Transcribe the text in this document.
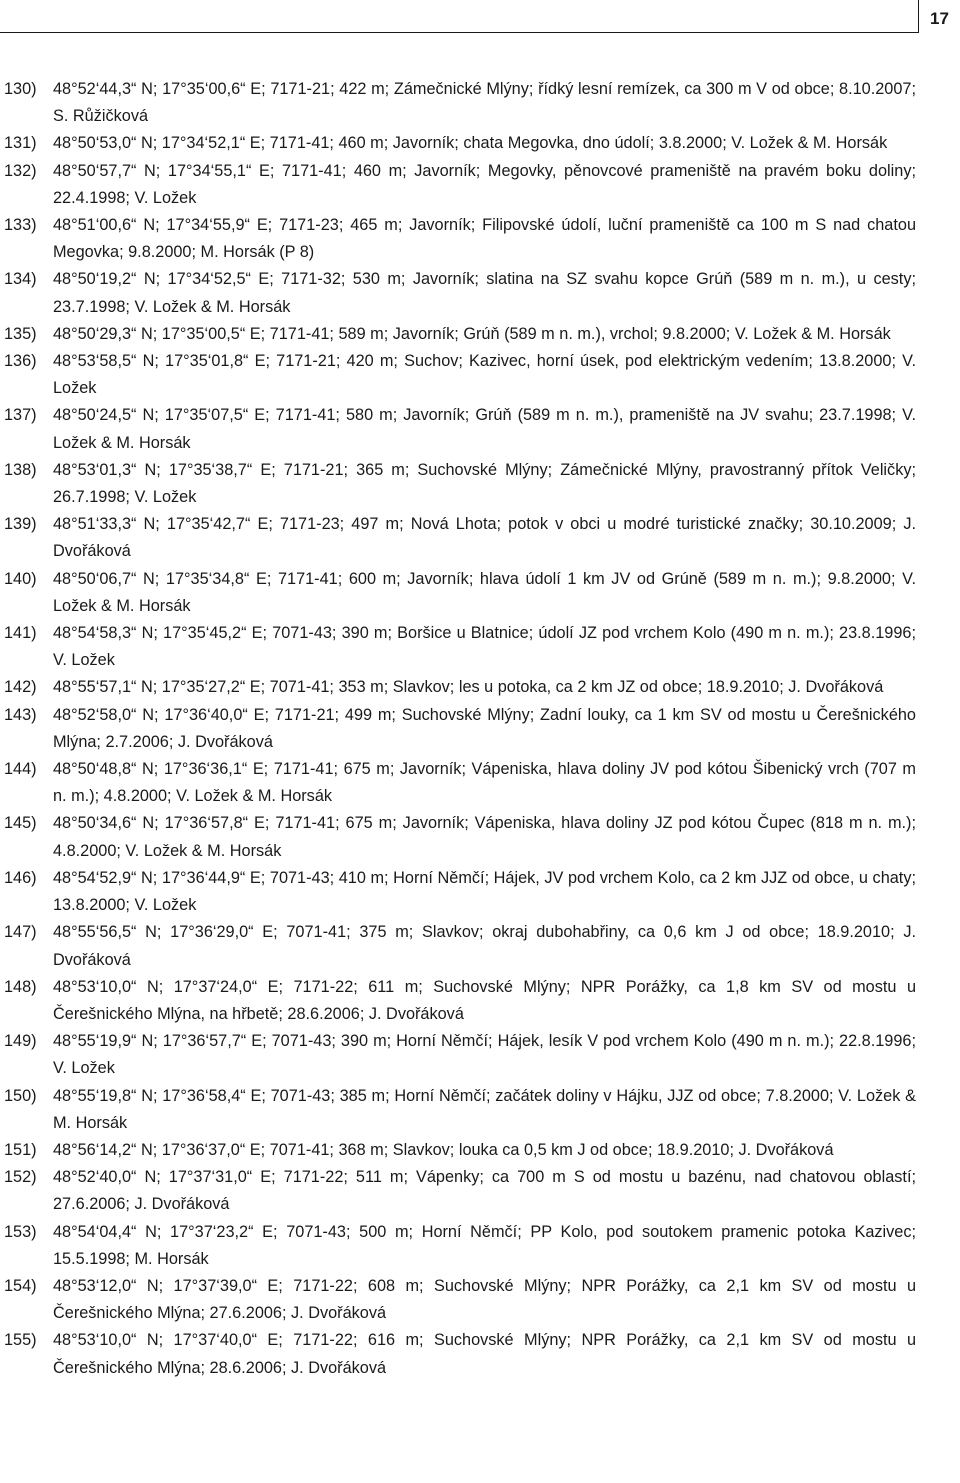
17
130) 48°52‘44,3“ N; 17°35‘00,6“ E; 7171-21; 422 m; Zámečnické Mlýny; řídký lesní remízek, ca 300 m V od obce; 8.10.2007; S. Růžičková
131) 48°50‘53,0“ N; 17°34‘52,1“ E; 7171-41; 460 m; Javorník; chata Megovka, dno údolí; 3.8.2000; V. Ložek & M. Horsák
132) 48°50‘57,7“ N; 17°34‘55,1“ E; 7171-41; 460 m; Javorník; Megovky, pěnovcové prameniště na pravém boku doliny; 22.4.1998; V. Ložek
133) 48°51‘00,6“ N; 17°34‘55,9“ E; 7171-23; 465 m; Javorník; Filipovské údolí, luční prameniště ca 100 m S nad chatou Megovka; 9.8.2000; M. Horsák (P 8)
134) 48°50‘19,2“ N; 17°34‘52,5“ E; 7171-32; 530 m; Javorník; slatina na SZ svahu kopce Grúň (589 m n. m.), u cesty; 23.7.1998; V. Ložek & M. Horsák
135) 48°50‘29,3“ N; 17°35‘00,5“ E; 7171-41; 589 m; Javorník; Grúň (589 m n. m.), vrchol; 9.8.2000; V. Ložek & M. Horsák
136) 48°53‘58,5“ N; 17°35‘01,8“ E; 7171-21; 420 m; Suchov; Kazivec, horní úsek, pod elektrickým vedením; 13.8.2000; V. Ložek
137) 48°50‘24,5“ N; 17°35‘07,5“ E; 7171-41; 580 m; Javorník; Grúň (589 m n. m.), prameniště na JV svahu; 23.7.1998; V. Ložek & M. Horsák
138) 48°53‘01,3“ N; 17°35‘38,7“ E; 7171-21; 365 m; Suchovské Mlýny; Zámečnické Mlýny, pravostranný přítok Veličky; 26.7.1998; V. Ložek
139) 48°51‘33,3“ N; 17°35‘42,7“ E; 7171-23; 497 m; Nová Lhota; potok v obci u modré turistické značky; 30.10.2009; J. Dvořáková
140) 48°50‘06,7“ N; 17°35‘34,8“ E; 7171-41; 600 m; Javorník; hlava údolí 1 km JV od Grúně (589 m n. m.); 9.8.2000; V. Ložek & M. Horsák
141) 48°54‘58,3“ N; 17°35‘45,2“ E; 7071-43; 390 m; Boršice u Blatnice; údolí JZ pod vrchem Kolo (490 m n. m.); 23.8.1996; V. Ložek
142) 48°55‘57,1“ N; 17°35‘27,2“ E; 7071-41; 353 m; Slavkov; les u potoka, ca 2 km JZ od obce; 18.9.2010; J. Dvořáková
143) 48°52‘58,0“ N; 17°36‘40,0“ E; 7171-21; 499 m; Suchovské Mlýny; Zadní louky, ca 1 km SV od mostu u Čerešnického Mlýna; 2.7.2006; J. Dvořáková
144) 48°50‘48,8“ N; 17°36‘36,1“ E; 7171-41; 675 m; Javorník; Vápeniska, hlava doliny JV pod kótou Šibenický vrch (707 m n. m.); 4.8.2000; V. Ložek & M. Horsák
145) 48°50‘34,6“ N; 17°36‘57,8“ E; 7171-41; 675 m; Javorník; Vápeniska, hlava doliny JZ pod kótou Čupec (818 m n. m.); 4.8.2000; V. Ložek & M. Horsák
146) 48°54‘52,9“ N; 17°36‘44,9“ E; 7071-43; 410 m; Horní Němčí; Hájek, JV pod vrchem Kolo, ca 2 km JJZ od obce, u chaty; 13.8.2000; V. Ložek
147) 48°55‘56,5“ N; 17°36‘29,0“ E; 7071-41; 375 m; Slavkov; okraj dubohabřiny, ca 0,6 km J od obce; 18.9.2010; J. Dvořáková
148) 48°53‘10,0“ N; 17°37‘24,0“ E; 7171-22; 611 m; Suchovské Mlýny; NPR Porážky, ca 1,8 km SV od mostu u Čerešnického Mlýna, na hřbetě; 28.6.2006; J. Dvořáková
149) 48°55‘19,9“ N; 17°36‘57,7“ E; 7071-43; 390 m; Horní Němčí; Hájek, lesík V pod vrchem Kolo (490 m n. m.); 22.8.1996; V. Ložek
150) 48°55‘19,8“ N; 17°36‘58,4“ E; 7071-43; 385 m; Horní Němčí; začátek doliny v Hájku, JJZ od obce; 7.8.2000; V. Ložek & M. Horsák
151) 48°56‘14,2“ N; 17°36‘37,0“ E; 7071-41; 368 m; Slavkov; louka ca 0,5 km J od obce; 18.9.2010; J. Dvořáková
152) 48°52‘40,0“ N; 17°37‘31,0“ E; 7171-22; 511 m; Vápenky; ca 700 m S od mostu u bazénu, nad chatovou oblastí; 27.6.2006; J. Dvořáková
153) 48°54‘04,4“ N; 17°37‘23,2“ E; 7071-43; 500 m; Horní Němčí; PP Kolo, pod soutokem pramenic potoka Kazivec; 15.5.1998; M. Horsák
154) 48°53‘12,0“ N; 17°37‘39,0“ E; 7171-22; 608 m; Suchovské Mlýny; NPR Porážky, ca 2,1 km SV od mostu u Čerešnického Mlýna; 27.6.2006; J. Dvořáková
155) 48°53‘10,0“ N; 17°37‘40,0“ E; 7171-22; 616 m; Suchovské Mlýny; NPR Porážky, ca 2,1 km SV od mostu u Čerešnického Mlýna; 28.6.2006; J. Dvořáková
